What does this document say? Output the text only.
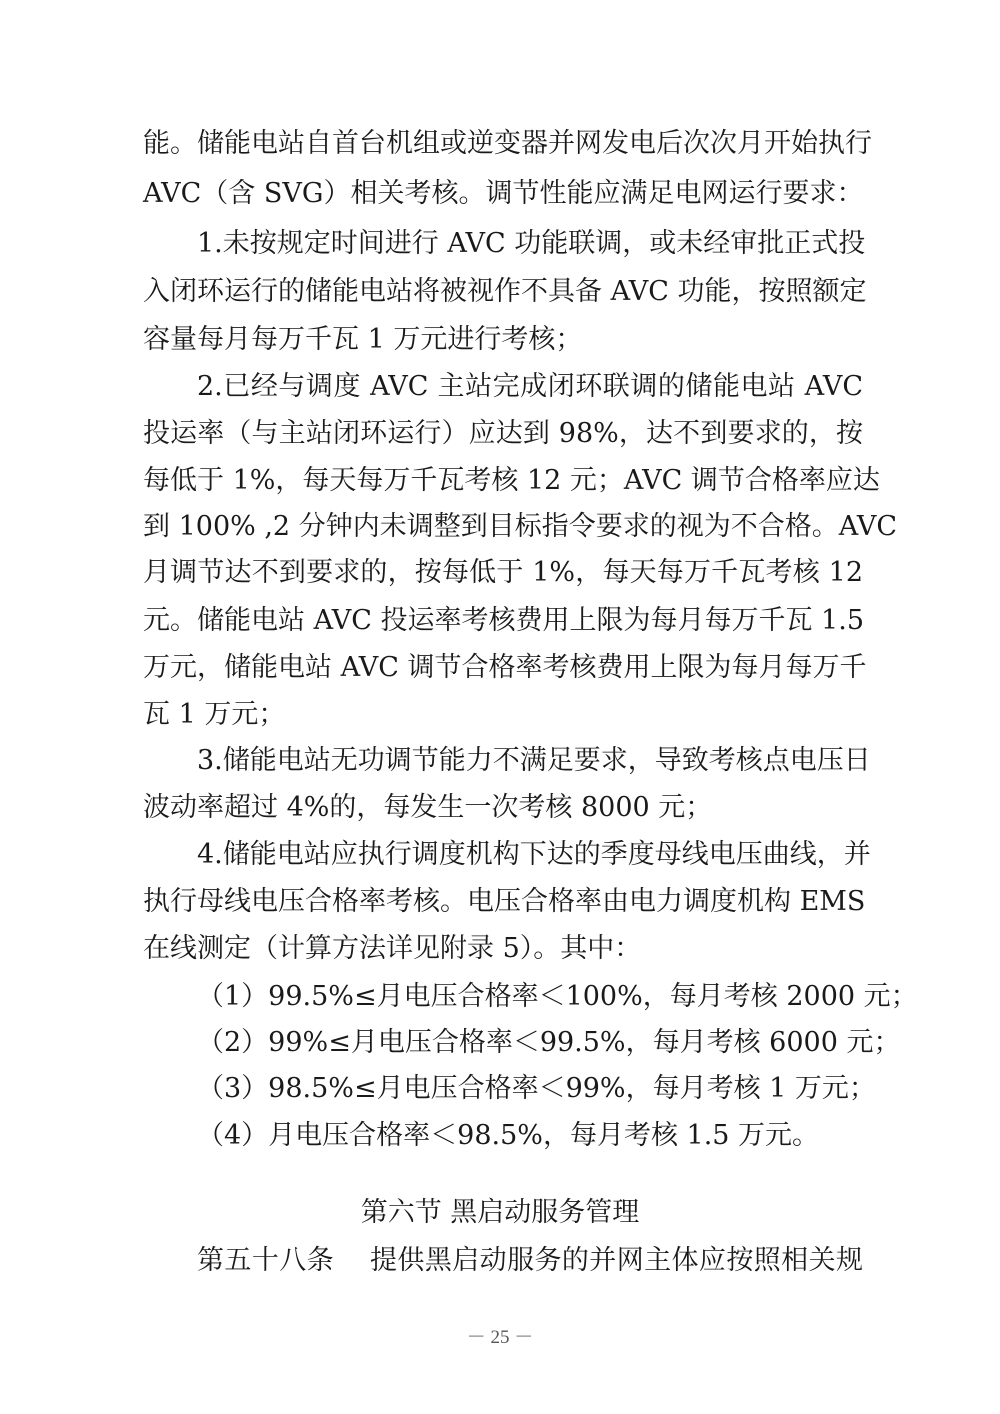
能。储能电站自首台机组或逆变器并网发电后次次月开始执行
AVC（含 SVG）相关考核。调节性能应满足电网运行要求：
1.未按规定时间进行 AVC 功能联调，或未经审批正式投
入闭环运行的储能电站将被视作不具备 AVC 功能，按照额定
容量每月每万千瓦 1 万元进行考核；
2.已经与调度 AVC 主站完成闭环联调的储能电站 AVC
投运率（与主站闭环运行）应达到 98%，达不到要求的，按
每低于 1%，每天每万千瓦考核 12 元；AVC 调节合格率应达
到 100% ,2 分钟内未调整到目标指令要求的视为不合格。AVC
月调节达不到要求的，按每低于 1%，每天每万千瓦考核 12
元。储能电站 AVC 投运率考核费用上限为每月每万千瓦 1.5
万元，储能电站 AVC 调节合格率考核费用上限为每月每万千
瓦 1 万元；
3.储能电站无功调节能力不满足要求，导致考核点电压日
波动率超过 4%的，每发生一次考核 8000 元；
4.储能电站应执行调度机构下达的季度母线电压曲线，并
执行母线电压合格率考核。电压合格率由电力调度机构 EMS
在线测定（计算方法详见附录 5）。其中：
（1）99.5%≤月电压合格率＜100%，每月考核 2000 元；
（2）99%≤月电压合格率＜99.5%，每月考核 6000 元；
（3）98.5%≤月电压合格率＜99%，每月考核 1 万元；
（4）月电压合格率＜98.5%，每月考核 1.5 万元。
第六节 黑启动服务管理
第五十八条    提供黑启动服务的并网主体应按照相关规
－ 25 －
